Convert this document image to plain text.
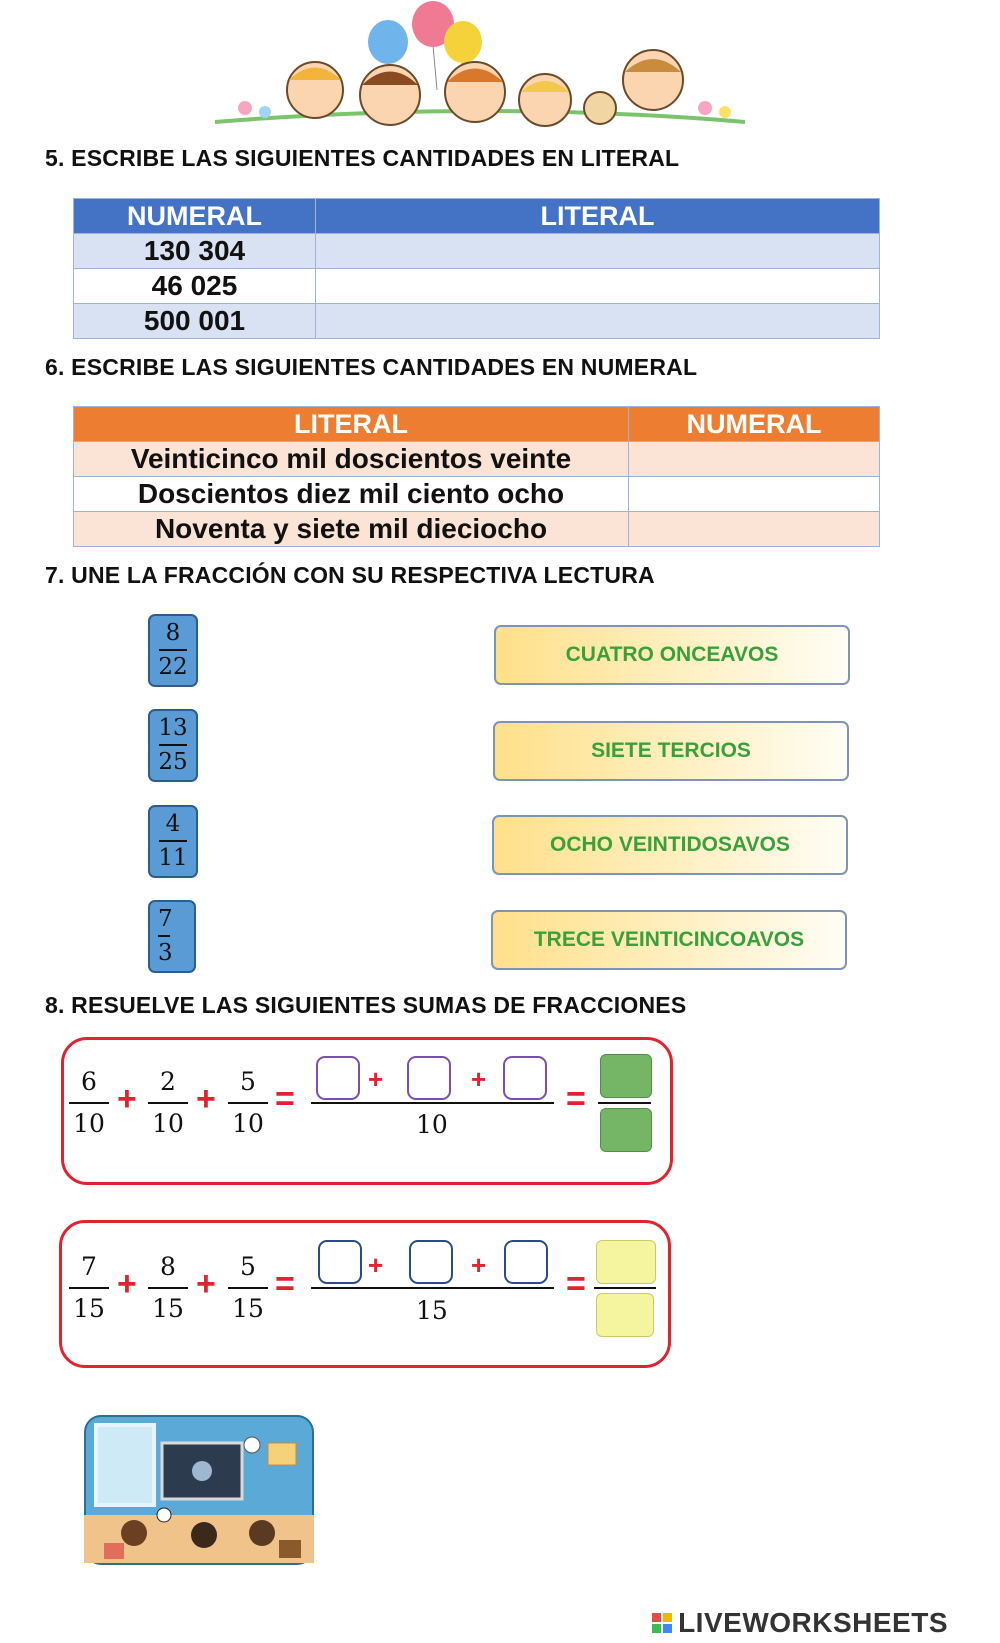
5. ESCRIBE LAS SIGUIENTES CANTIDADES EN LITERAL
NUMERAL	LITERAL
130 304	
46 025	
500 001	
6. ESCRIBE LAS SIGUIENTES CANTIDADES EN NUMERAL
LITERAL	NUMERAL
Veinticinco mil doscientos veinte	
Doscientos diez mil ciento ocho	
Noventa y siete mil dieciocho	
7. UNE LA FRACCIÓN CON SU RESPECTIVA LECTURA
8
22
13
25
4
11
7
3
CUATRO ONCEAVOS
SIETE TERCIOS
OCHO VEINTIDOSAVOS
TRECE VEINTICINCOAVOS
8. RESUELVE LAS SIGUIENTES SUMAS DE FRACCIONES
6
10
+ 2
10
+ 5
10
=
+	+
10
=
7
15
+ 8
15
+ 5
15
=	+	+
15
=
LIVEWORKSHEETS
